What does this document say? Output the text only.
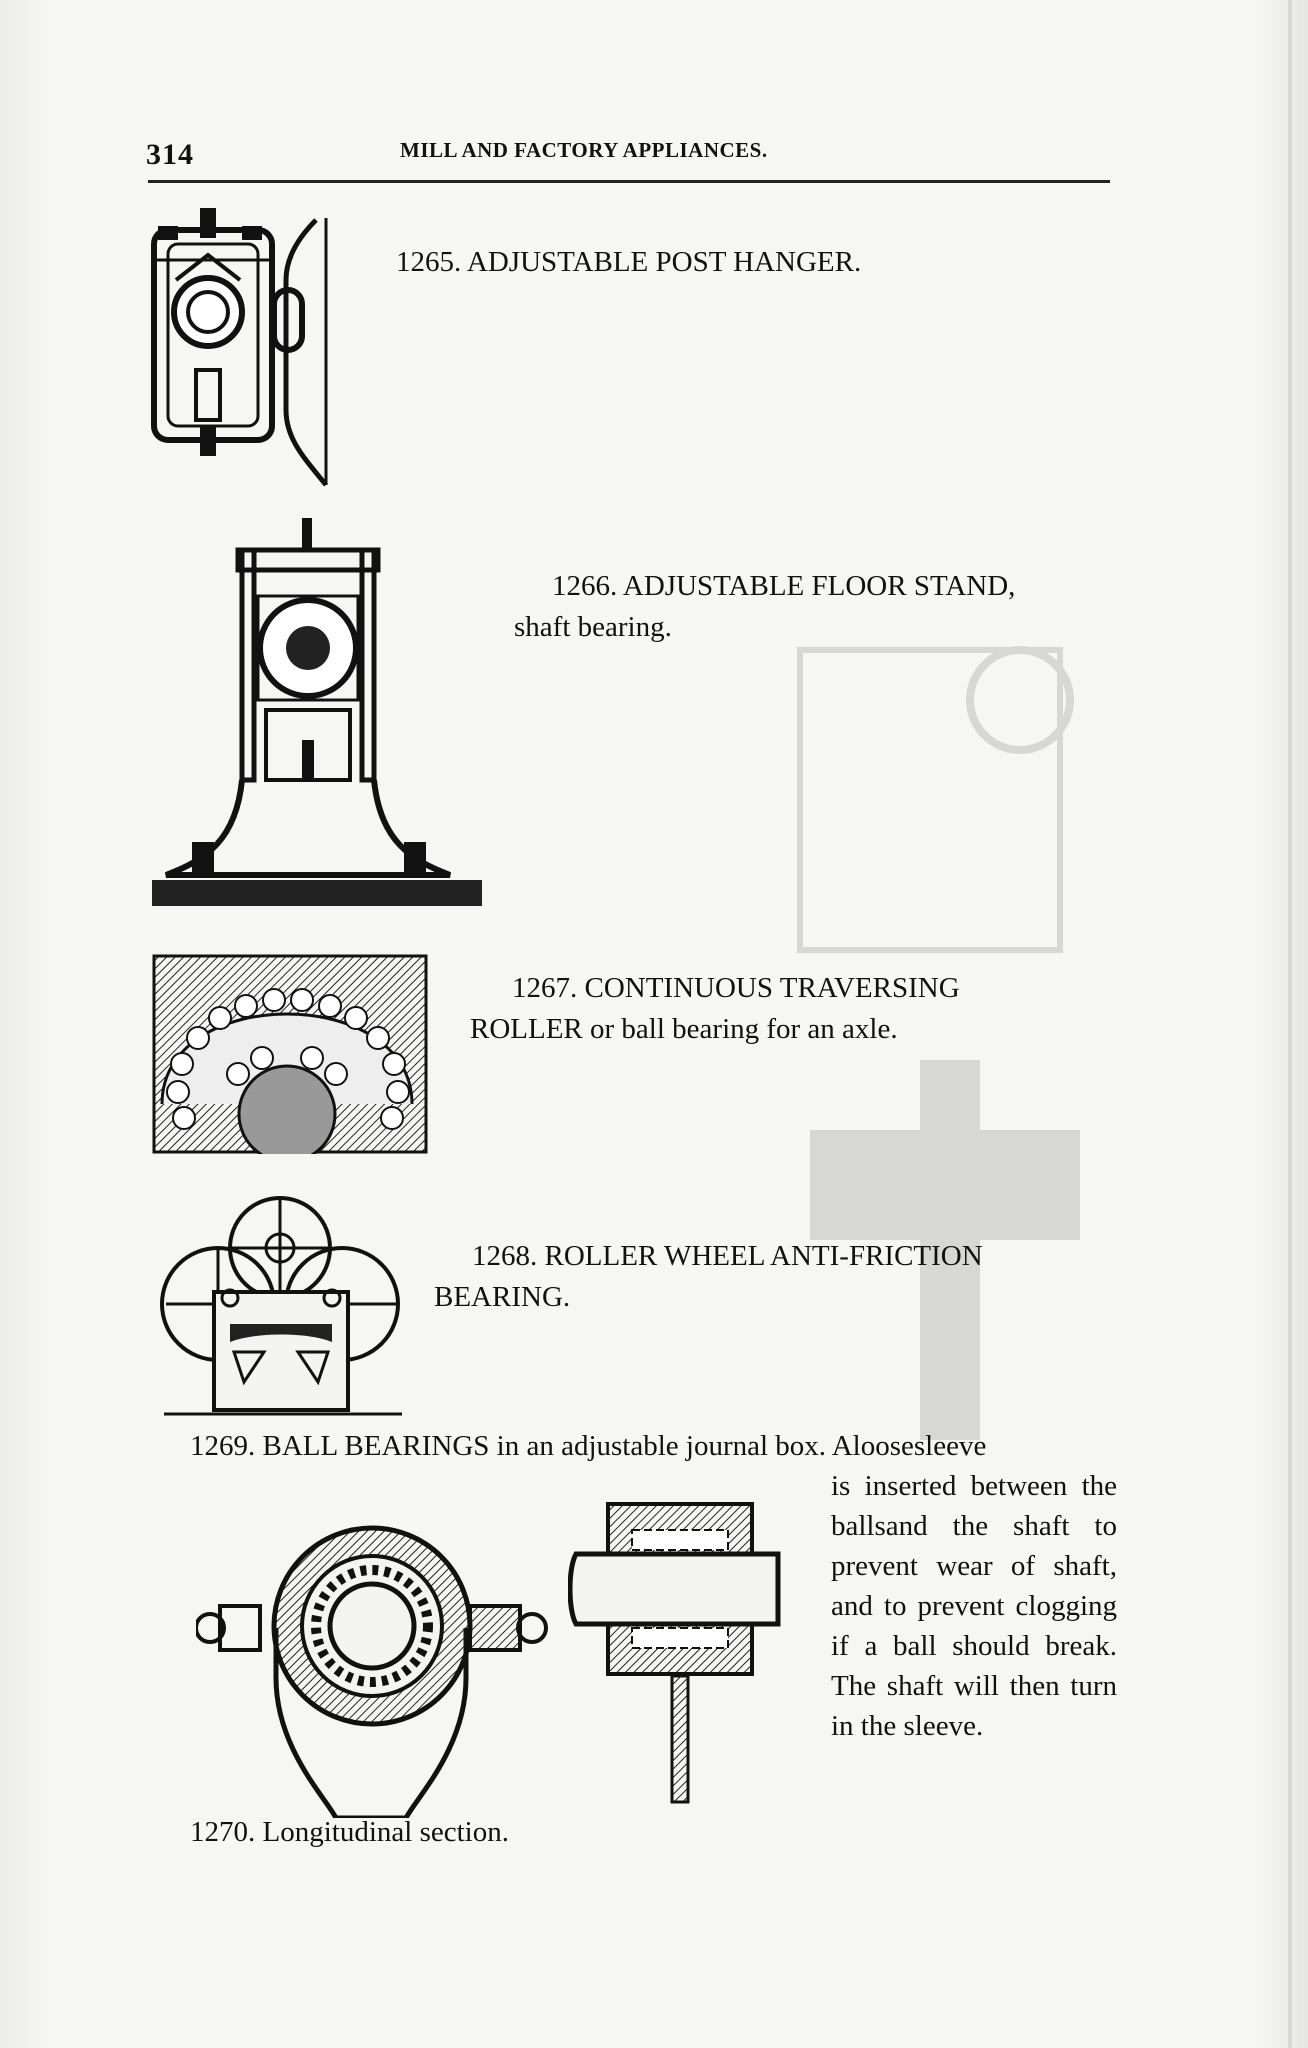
314	MILL AND FACTORY APPLIANCES.
1265. ADJUSTABLE POST HANGER.
1266. ADJUSTABLE FLOOR STAND,
shaft bearing.
1267. CONTINUOUS TRAVERSING
ROLLER or ball bearing for an axle.
1268. ROLLER WHEEL ANTI-FRICTION
BEARING.
1269. BALL BEARINGS in an adjustable journal box. Aloosesleeve
is inserted between the ballsand the shaft to prevent wear of shaft, and to prevent clogging if a ball should break. The shaft will then turn in the sleeve.
1270. Longitudinal section.
